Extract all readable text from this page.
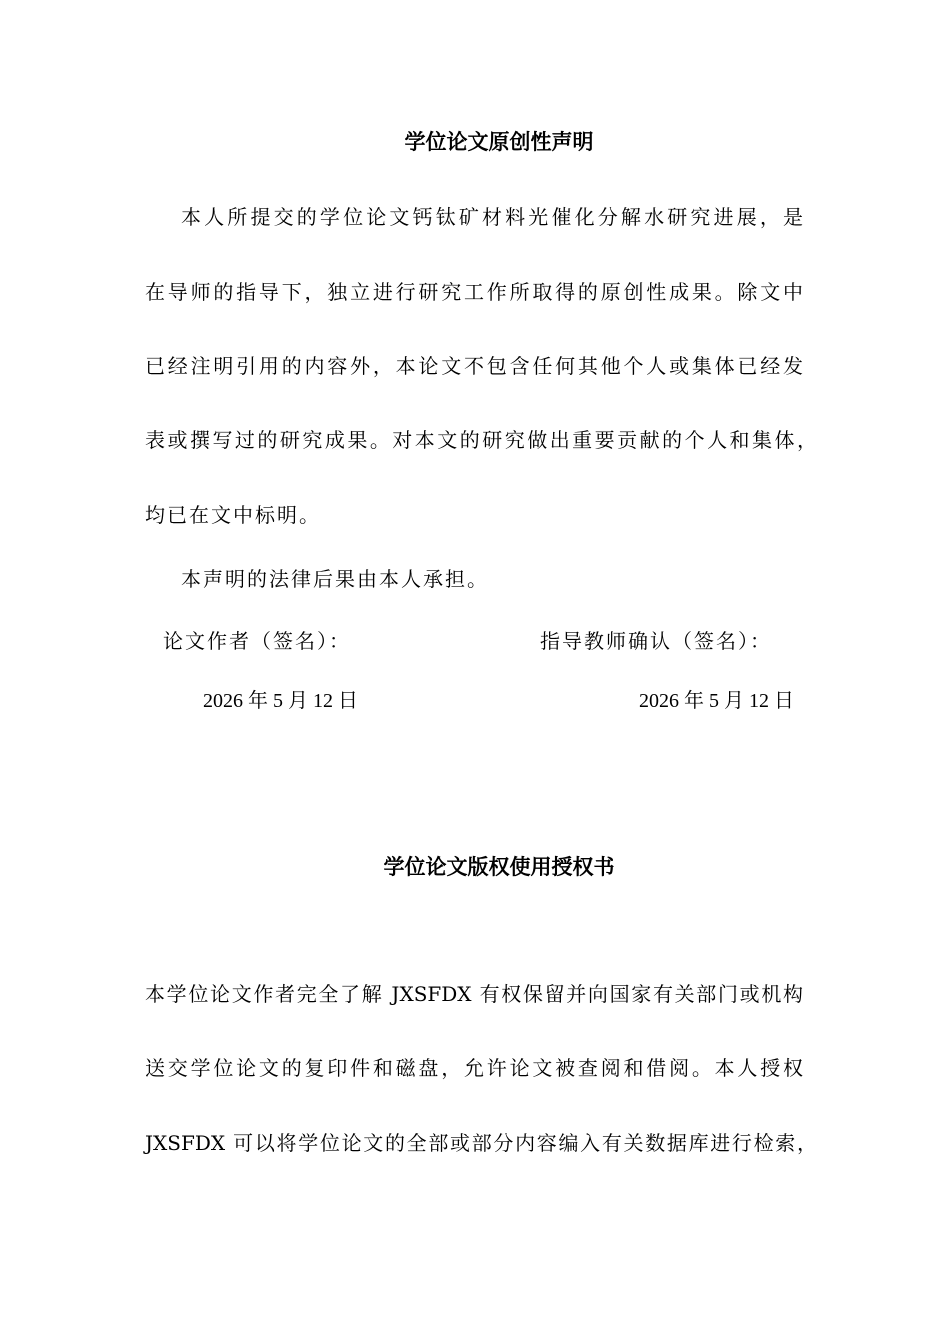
学位论文原创性声明
本人所提交的学位论文钙钛矿材料光催化分解水研究进展，是
在导师的指导下，独立进行研究工作所取得的原创性成果。除文中
已经注明引用的内容外，本论文不包含任何其他个人或集体已经发
表或撰写过的研究成果。对本文的研究做出重要贡献的个人和集体，
均已在文中标明。
本声明的法律后果由本人承担。
论文作者（签名）：	指导教师确认（签名）：
2026 年 5 月 12 日	2026 年 5 月 12 日
学位论文版权使用授权书
本学位论文作者完全了解 JXSFDX 有权保留并向国家有关部门或机构
送交学位论文的复印件和磁盘，允许论文被查阅和借阅。本人授权
JXSFDX 可以将学位论文的全部或部分内容编入有关数据库进行检索，
